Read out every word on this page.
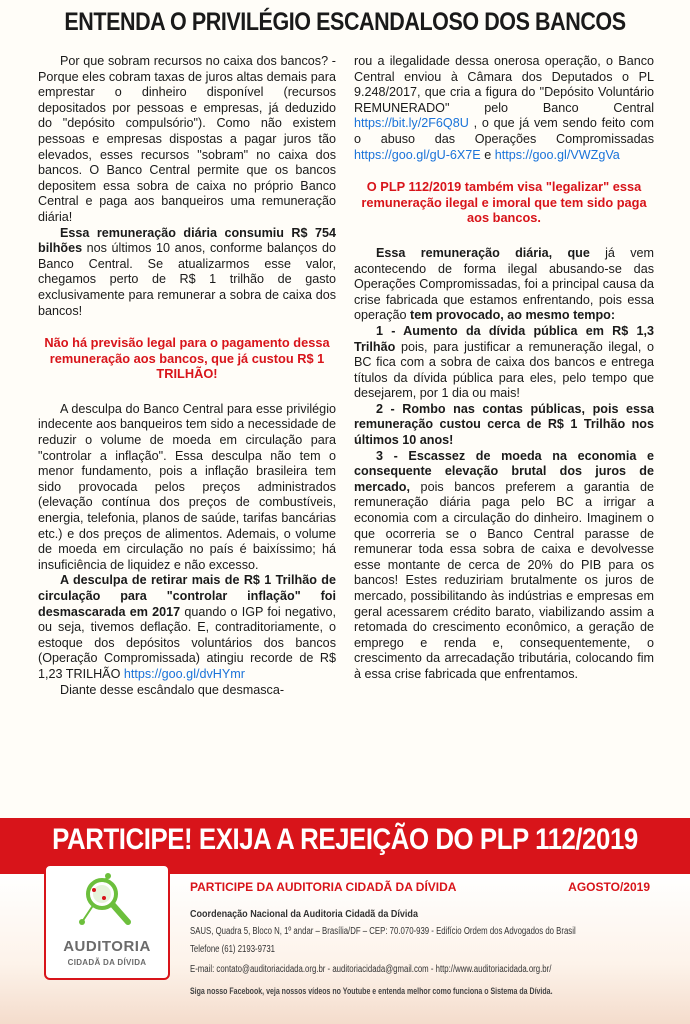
ENTENDA O PRIVILÉGIO ESCANDALOSO DOS BANCOS

Por que sobram recursos no caixa dos bancos? - Porque eles cobram taxas de juros altas demais para emprestar o dinheiro disponível (recursos depositados por pessoas e empresas, já deduzido do "depósito compulsório"). Como não existem pessoas e empresas dispostas a pagar juros tão elevados, esses recursos "sobram" no caixa dos bancos. O Banco Central permite que os bancos depositem essa sobra de caixa no próprio Banco Central e paga aos banqueiros uma remuneração diária!

Essa remuneração diária consumiu R$ 754 bilhões nos últimos 10 anos, conforme balanços do Banco Central. Se atualizarmos esse valor, chegamos perto de R$ 1 trilhão de gasto exclusivamente para remunerar a sobra de caixa dos bancos!

Não há previsão legal para o pagamento dessa remuneração aos bancos, que já custou R$ 1 TRILHÃO!

A desculpa do Banco Central para esse privilégio indecente aos banqueiros tem sido a necessidade de reduzir o volume de moeda em circulação para "controlar a inflação". Essa desculpa não tem o menor fundamento, pois a inflação brasileira tem sido provocada pelos preços administrados (elevação contínua dos preços de combustíveis, energia, telefonia, planos de saúde, tarifas bancárias etc.) e dos preços de alimentos. Ademais, o volume de moeda em circulação no país é baixíssimo; há insuficiência de liquidez e não excesso.

A desculpa de retirar mais de R$ 1 Trilhão de circulação para "controlar inflação" foi desmascarada em 2017 quando o IGP foi negativo, ou seja, tivemos deflação. E, contraditoriamente, o estoque dos depósitos voluntários dos bancos (Operação Compromissada) atingiu recorde de R$ 1,23 TRILHÃO https://goo.gl/dvHYmr

Diante desse escândalo que desmasca-

rou a ilegalidade dessa onerosa operação, o Banco Central enviou à Câmara dos Deputados o PL 9.248/2017, que cria a figura do "Depósito Voluntário REMUNERADO" pelo Banco Central https://bit.ly/2F6Q8U , o que já vem sendo feito com o abuso das Operações Compromissadas https://goo.gl/gU-6X7E e https://goo.gl/VWZgVa

O PLP 112/2019 também visa "legalizar" essa remuneração ilegal e imoral que tem sido paga aos bancos.

Essa remuneração diária, que já vem acontecendo de forma ilegal abusando-se das Operações Compromissadas, foi a principal causa da crise fabricada que estamos enfrentando, pois essa operação tem provocado, ao mesmo tempo:

1 - Aumento da dívida pública em R$ 1,3 Trilhão pois, para justificar a remuneração ilegal, o BC fica com a sobra de caixa dos bancos e entrega títulos da dívida pública para eles, pelo tempo que desejarem, por 1 dia ou mais!

2 - Rombo nas contas públicas, pois essa remuneração custou cerca de R$ 1 Trilhão nos últimos 10 anos!

3 - Escassez de moeda na economia e consequente elevação brutal dos juros de mercado, pois bancos preferem a garantia de remuneração diária paga pelo BC a irrigar a economia com a circulação do dinheiro. Imaginem o que ocorreria se o Banco Central parasse de remunerar toda essa sobra de caixa e devolvesse esse montante de cerca de 20% do PIB para os bancos! Estes reduziriam brutalmente os juros de mercado, possibilitando às indústrias e empresas em geral acessarem crédito barato, viabilizando assim a retomada do crescimento econômico, a geração de emprego e renda e, consequentemente, o crescimento da arrecadação tributária, colocando fim à essa crise fabricada que enfrentamos.

PARTICIPE! EXIJA A REJEIÇÃO DO PLP 112/2019
AUDITORIA
CIDADÃ DA DÍVIDA
PARTICIPE DA AUDITORIA CIDADÃ DA DÍVIDA	AGOSTO/2019
Coordenação Nacional da Auditoria Cidadã da Dívida
SAUS, Quadra 5, Bloco N, 1º andar – Brasília/DF – CEP: 70.070-939 - Edifício Ordem dos Advogados do Brasil
Telefone (61) 2193-9731
E-mail: contato@auditoriacidada.org.br - auditoriacidada@gmail.com - http://www.auditoriacidada.org.br/
Siga nosso Facebook, veja nossos vídeos no Youtube e entenda melhor como funciona o Sistema da Dívida.
